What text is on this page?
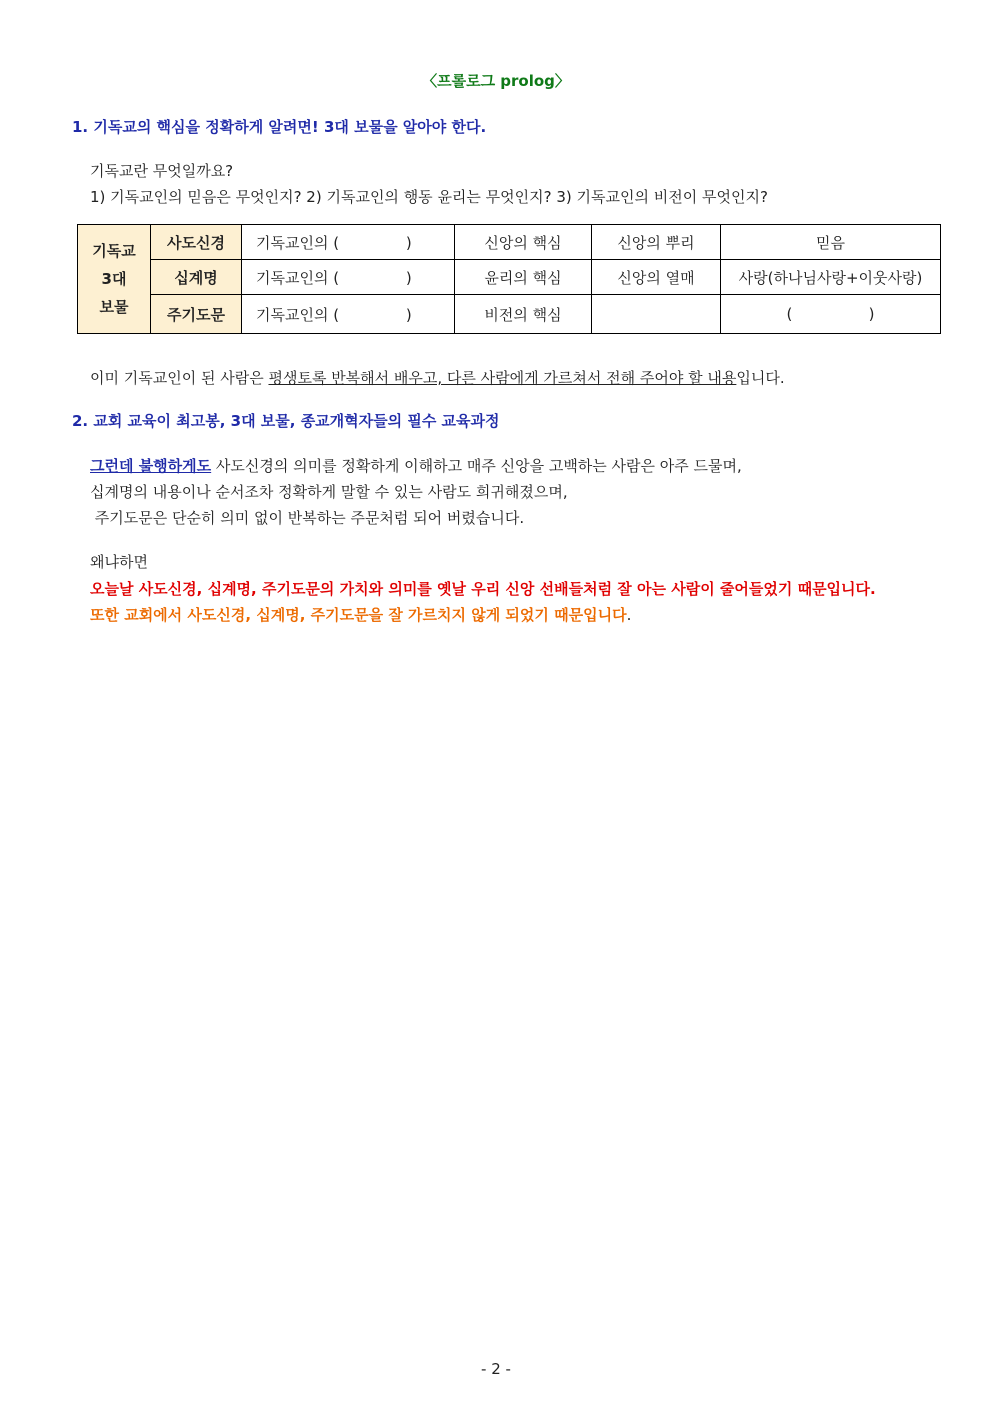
〈프롤로그 prolog〉
1. 기독교의 핵심을 정확하게 알려면! 3대 보물을 알아야 한다.
기독교란 무엇일까요?
1) 기독교인의 믿음은 무엇인지? 2) 기독교인의 행동 윤리는 무엇인지? 3) 기독교인의 비전이 무엇인지?
기독교
3대
보물	사도신경	기독교인의 (              )	신앙의 핵심	신앙의 뿌리	믿음
	십계명	기독교인의 (              )	윤리의 핵심	신앙의 열매	사랑(하나님사랑+이웃사랑)
	주기도문	기독교인의 (              )	비전의 핵심		(                )
이미 기독교인이 된 사람은 평생토록 반복해서 배우고, 다른 사람에게 가르쳐서 전해 주어야 할 내용입니다.
2. 교회 교육이 최고봉, 3대 보물, 종교개혁자들의 필수 교육과정
그런데 불행하게도 사도신경의 의미를 정확하게 이해하고 매주 신앙을 고백하는 사람은 아주 드물며,
십계명의 내용이나 순서조차 정확하게 말할 수 있는 사람도 희귀해졌으며,
주기도문은 단순히 의미 없이 반복하는 주문처럼 되어 버렸습니다.
왜냐하면
오늘날 사도신경, 십계명, 주기도문의 가치와 의미를 옛날 우리 신앙 선배들처럼 잘 아는 사람이 줄어들었기 때문입니다.
또한 교회에서 사도신경, 십계명, 주기도문을 잘 가르치지 않게 되었기 때문입니다.
- 2 -
